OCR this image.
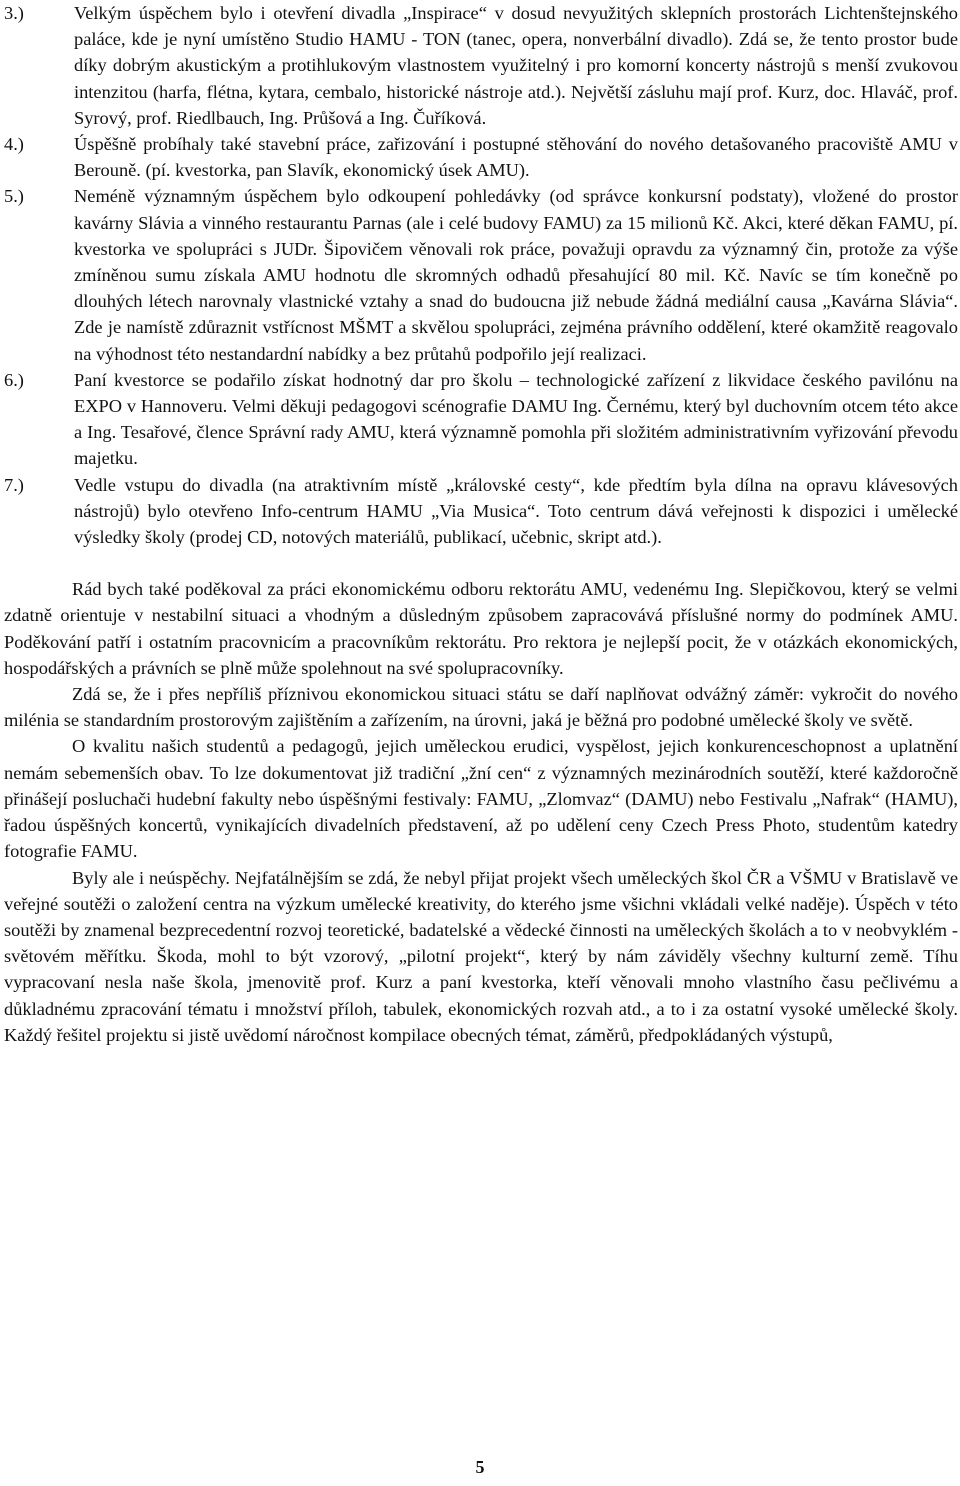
3.)	Velkým úspěchem bylo i otevření divadla „Inspirace“ v dosud nevyužitých sklepních prostorách Lichtenštejnského paláce, kde je nyní umístěno Studio HAMU - TON (tanec, opera, nonverbální divadlo). Zdá se, že tento prostor bude díky dobrým akustickým a protihlukovým vlastnostem využitelný i pro komorní koncerty nástrojů s menší zvukovou intenzitou (harfa, flétna, kytara, cembalo, historické nástroje atd.). Největší zásluhu mají prof. Kurz, doc. Hlaváč, prof. Syrový, prof. Riedlbauch, Ing. Průšová a Ing. Čuříková.
4.)	Úspěšně probíhaly také stavební práce, zařizování i postupné stěhování do nového detašovaného pracoviště AMU v Berouně. (pí. kvestorka, pan Slavík, ekonomický úsek AMU).
5.)	Neméně významným úspěchem bylo odkoupení pohledávky (od správce konkursní podstaty), vložené do prostor kavárny Slávia a vinného restaurantu Parnas (ale i celé budovy FAMU) za 15 milionů Kč. Akci, které děkan FAMU, pí. kvestorka ve spolupráci s JUDr. Šipovičem věnovali rok práce, považuji opravdu za významný čin, protože za výše zmíněnou sumu získala AMU hodnotu dle skromných odhadů přesahující 80 mil. Kč. Navíc se tím konečně po dlouhých létech narovnaly vlastnické vztahy a snad do budoucna již nebude žádná mediální causa „Kavárna Slávia“. Zde je namístě zdůraznit vstřícnost MŠMT a skvělou spolupráci, zejména právního oddělení, které okamžitě reagovalo na výhodnost této nestandardní nabídky a bez průtahů podpořilo její realizaci.
6.)	Paní kvestorce se podařilo získat hodnotný dar pro školu – technologické zařízení z likvidace českého pavilónu na EXPO v Hannoveru. Velmi děkuji pedagogovi scénografie DAMU Ing. Černému, který byl duchovním otcem této akce a Ing. Tesařové, člence Správní rady AMU, která významně pomohla při složitém administrativním vyřizování převodu majetku.
7.)	Vedle vstupu do divadla (na atraktivním místě „královské cesty“, kde předtím byla dílna na opravu klávesových nástrojů) bylo otevřeno Info-centrum HAMU „Via Musica“. Toto centrum dává veřejnosti k dispozici i umělecké výsledky školy (prodej CD, notových materiálů, publikací, učebnic, skript atd.).

Rád bych také poděkoval za práci ekonomickému odboru rektorátu AMU, vedenému Ing. Slepičkovou, který se velmi zdatně orientuje v nestabilní situaci a vhodným a důsledným způsobem zapracovává příslušné normy do podmínek AMU. Poděkování patří i ostatním pracovnicím a pracovníkům rektorátu. Pro rektora je nejlepší pocit, že v otázkách ekonomických, hospodářských a právních se plně může spolehnout na své spolupracovníky.

Zdá se, že i přes nepříliš příznivou ekonomickou situaci státu se daří naplňovat odvážný záměr: vykročit do nového milénia se standardním prostorovým zajištěním a zařízením, na úrovni, jaká je běžná pro podobné umělecké školy ve světě.

O kvalitu našich studentů a pedagogů, jejich uměleckou erudici, vyspělost, jejich konkurenceschopnost a uplatnění nemám sebemenších obav. To lze dokumentovat již tradiční „žní cen“ z významných mezinárodních soutěží, které každoročně přinášejí posluchači hudební fakulty nebo úspěšnými festivaly: FAMU, „Zlomvaz“ (DAMU) nebo Festivalu „Nafrak“ (HAMU), řadou úspěšných koncertů, vynikajících divadelních představení, až po udělení ceny Czech Press Photo, studentům katedry fotografie FAMU.

Byly ale i neúspěchy. Nejfatálnějším se zdá, že nebyl přijat projekt všech uměleckých škol ČR a VŠMU v Bratislavě ve veřejné soutěži o založení centra na výzkum umělecké kreativity, do kterého jsme všichni vkládali velké naděje). Úspěch v této soutěži by znamenal bezprecedentní rozvoj teoretické, badatelské a vědecké činnosti na uměleckých školách a to v neobvyklém - světovém měřítku. Škoda, mohl to být vzorový, „pilotní projekt“, který by nám záviděly všechny kulturní země. Tíhu vypracovaní nesla naše škola, jmenovitě prof. Kurz a paní kvestorka, kteří věnovali mnoho vlastního času pečlivému a důkladnému zpracování tématu i množství příloh, tabulek, ekonomických rozvah atd., a to i za ostatní vysoké umělecké školy. Každý řešitel projektu si jistě uvědomí náročnost kompilace obecných témat, záměrů, předpokládaných výstupů,

5
